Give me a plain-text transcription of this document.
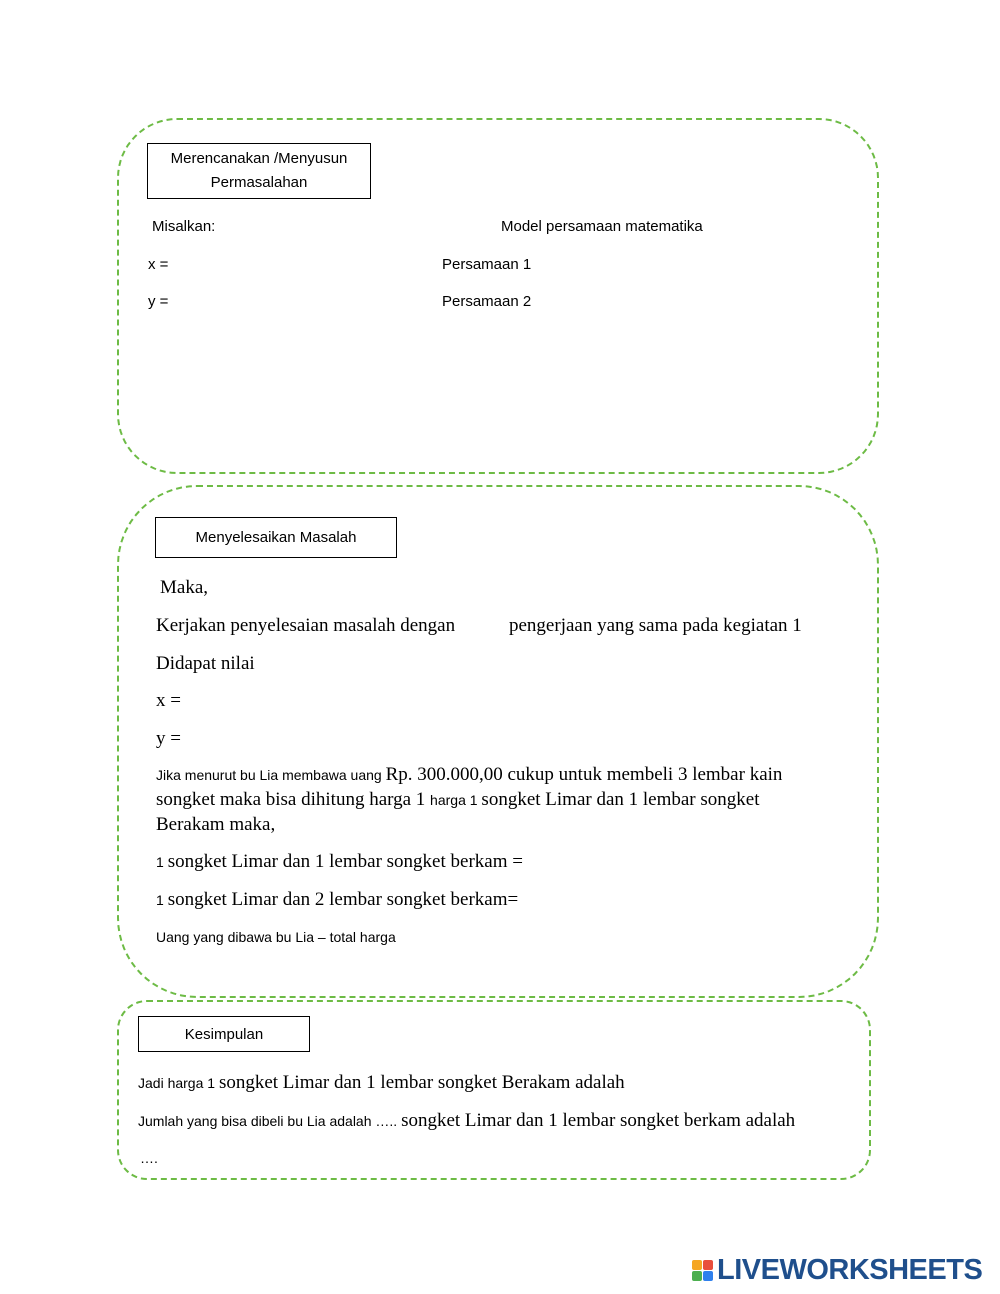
Merencanakan /Menyusun
Permasalahan
Misalkan:	Model persamaan matematika
x =	Persamaan 1
y =	Persamaan 2
Menyelesaikan Masalah
Maka,
Kerjakan penyelesaian masalah dengan	pengerjaan yang sama pada kegiatan 1
Didapat nilai
x =
y =
Jika menurut bu Lia membawa uang Rp. 300.000,00 cukup untuk membeli 3 lembar kain
songket maka bisa dihitung harga 1 harga 1 songket Limar dan 1 lembar songket
Berakam maka,
1 songket Limar dan 1 lembar songket berkam =
1 songket Limar dan 2 lembar songket berkam=
Uang yang dibawa bu Lia – total harga
Kesimpulan
Jadi harga 1 songket Limar dan 1 lembar songket Berakam adalah
Jumlah yang bisa dibeli bu Lia adalah ….. songket Limar dan 1 lembar songket berkam adalah
….
LIVEWORKSHEETS
